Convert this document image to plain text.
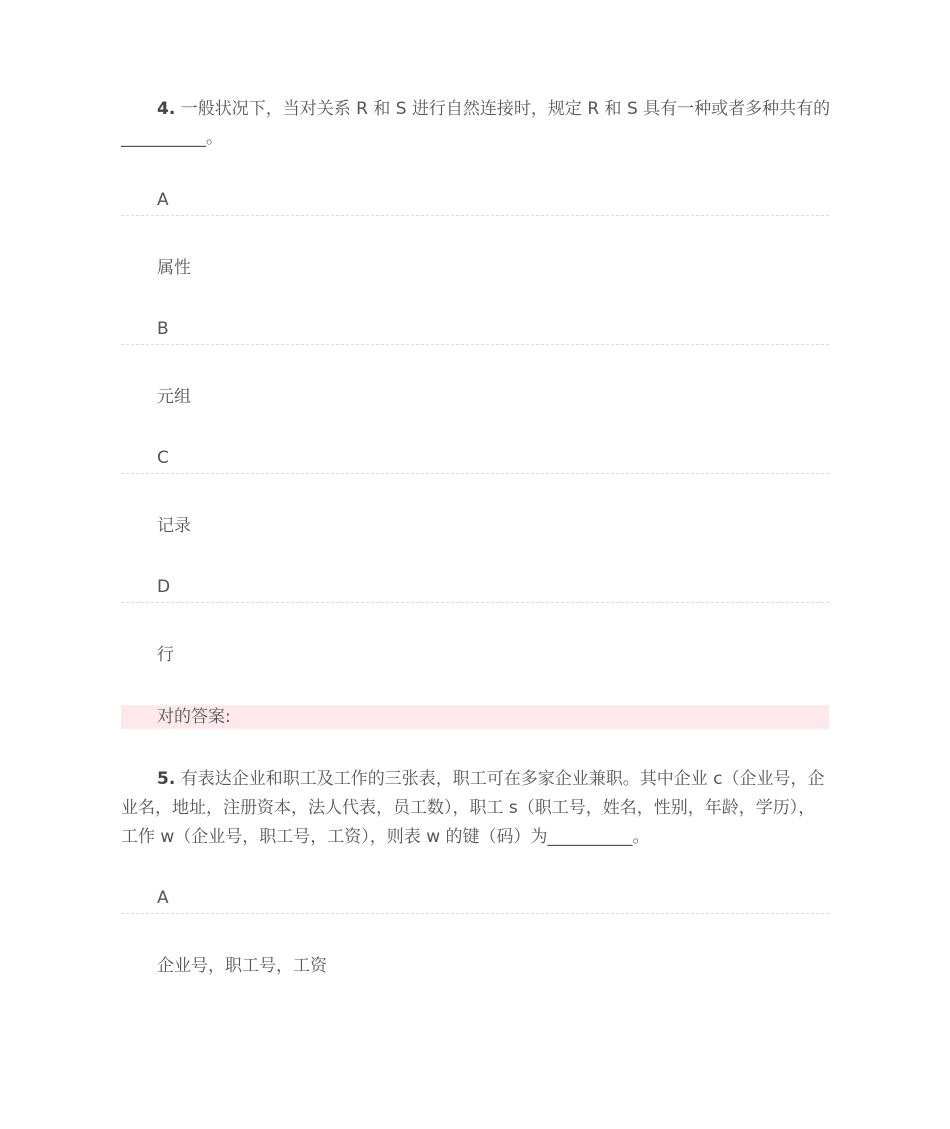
4. 一般状况下，当对关系 R 和 S 进行自然连接时，规定 R 和 S 具有一种或者多种共有的__________。
A
属性
B
元组
C
记录
D
行
对的答案:
5. 有表达企业和职工及工作的三张表，职工可在多家企业兼职。其中企业 c（企业号，企业名，地址，注册资本，法人代表，员工数），职工 s（职工号，姓名，性别，年龄，学历），工作 w（企业号，职工号，工资），则表 w 的键（码）为__________。
A
企业号，职工号，工资
